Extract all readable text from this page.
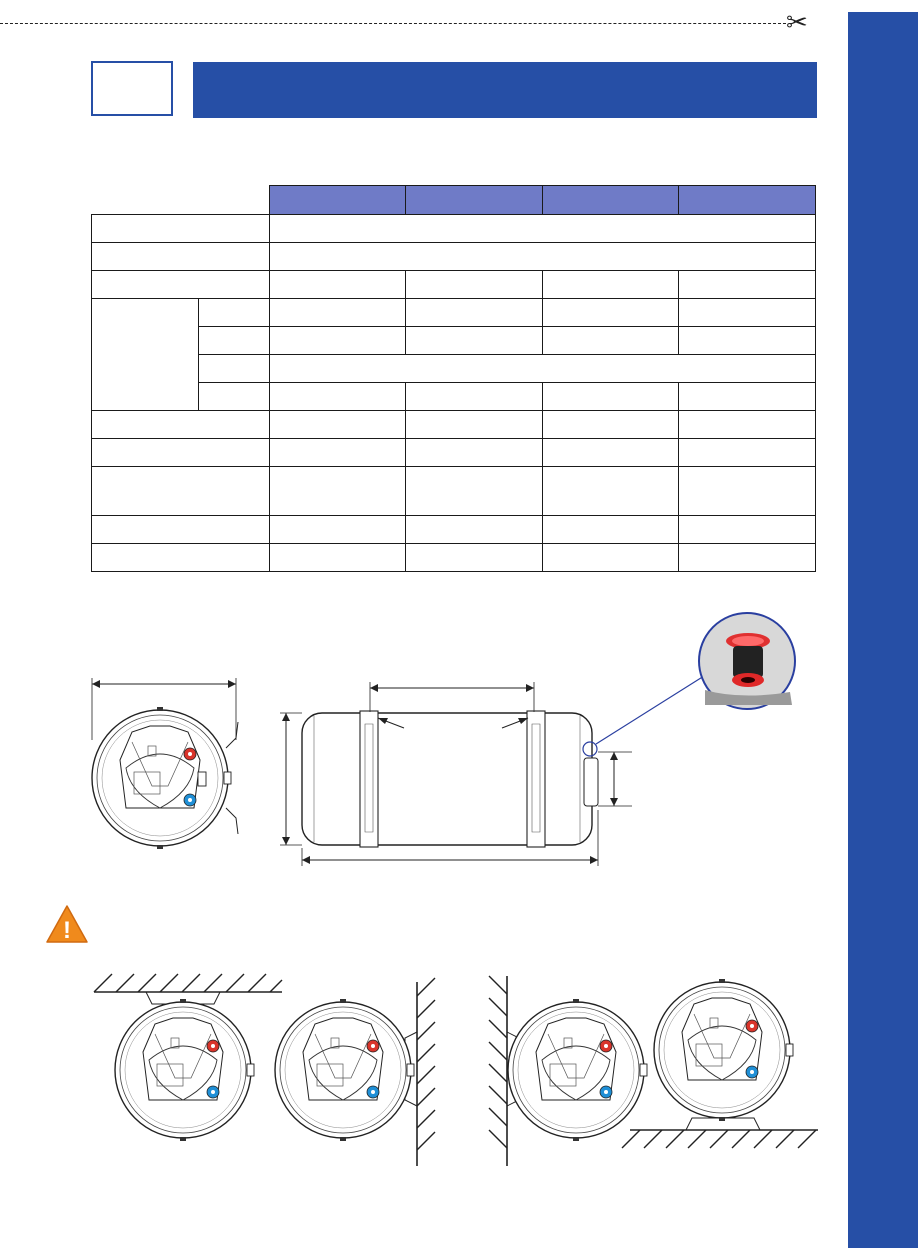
✂

!
